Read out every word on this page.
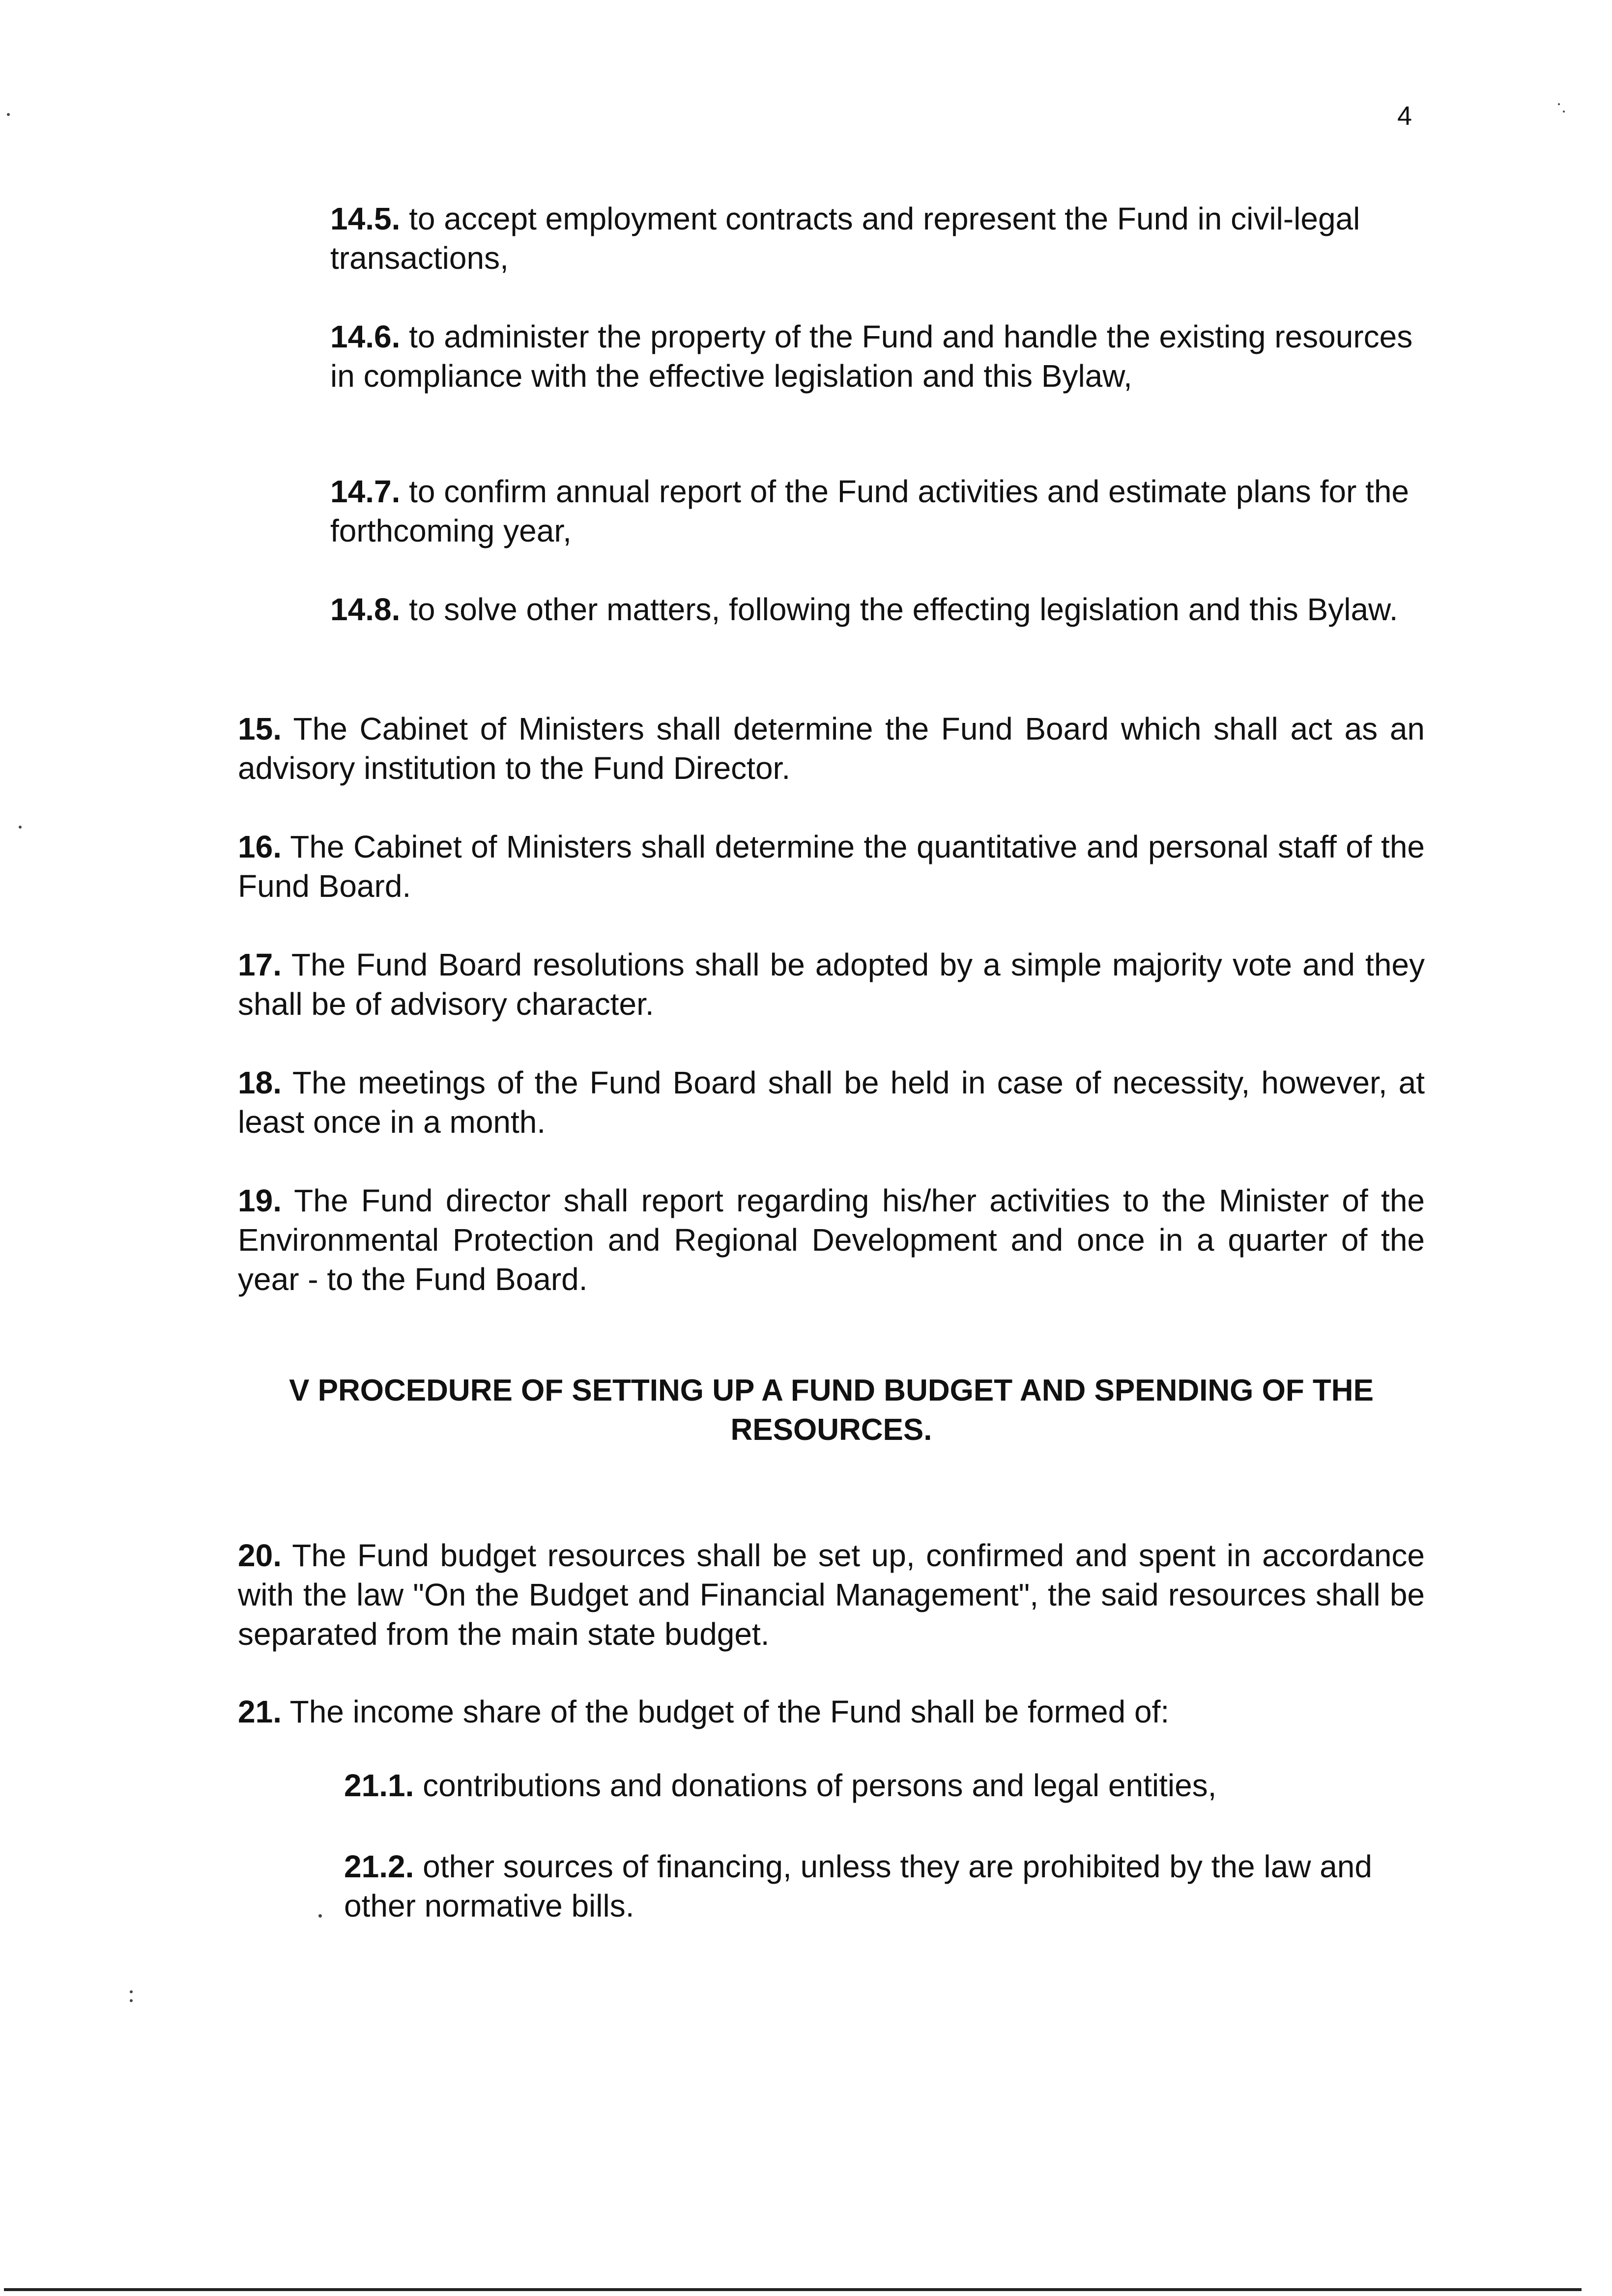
4

14.5. to accept employment contracts and represent the Fund in civil-legal transactions,

14.6. to administer the property of the Fund and handle the existing resources in compliance with the effective legislation and this Bylaw,

14.7. to confirm annual report of the Fund activities and estimate plans for the forthcoming year,

14.8. to solve other matters, following the effecting legislation and this Bylaw.

15. The Cabinet of Ministers shall determine the Fund Board which shall act as an advisory institution to the Fund Director.

16. The Cabinet of Ministers shall determine the quantitative and personal staff of the Fund Board.

17. The Fund Board resolutions shall be adopted by a simple majority vote and they shall be of advisory character.

18. The meetings of the Fund Board shall be held in case of necessity, however, at least once in a month.

19. The Fund director shall report regarding his/her activities to the Minister of the Environmental Protection and Regional Development and once in a quarter of the year - to the Fund Board.

V PROCEDURE OF SETTING UP A FUND BUDGET AND SPENDING OF THE
RESOURCES.

20. The Fund budget resources shall be set up, confirmed and spent in accordance with the law "On the Budget and Financial Management", the said resources shall be separated from the main state budget.

21. The income share of the budget of the Fund shall be formed of:

21.1. contributions and donations of persons and legal entities,

21.2. other sources of financing, unless they are prohibited by the law and other normative bills.
